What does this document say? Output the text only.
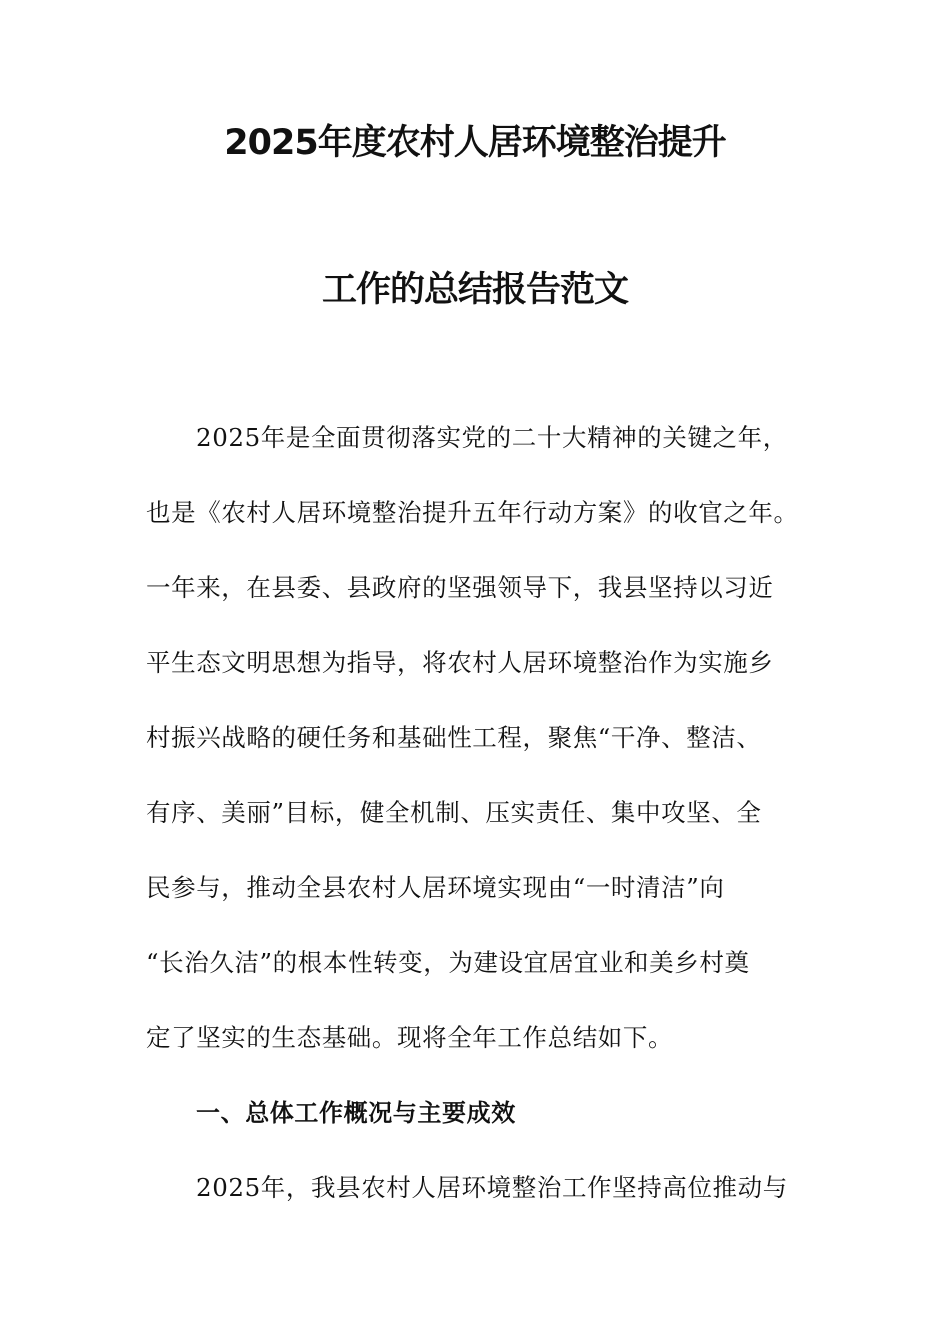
2025年度农村人居环境整治提升
工作的总结报告范文

2025年是全面贯彻落实党的二十大精神的关键之年，

也是《农村人居环境整治提升五年行动方案》的收官之年。

一年来，在县委、县政府的坚强领导下，我县坚持以习近

平生态文明思想为指导，将农村人居环境整治作为实施乡

村振兴战略的硬任务和基础性工程，聚焦“干净、整洁、

有序、美丽”目标，健全机制、压实责任、集中攻坚、全

民参与，推动全县农村人居环境实现由“一时清洁”向

“长治久洁”的根本性转变，为建设宜居宜业和美乡村奠

定了坚实的生态基础。现将全年工作总结如下。

一、总体工作概况与主要成效

2025年，我县农村人居环境整治工作坚持高位推动与
